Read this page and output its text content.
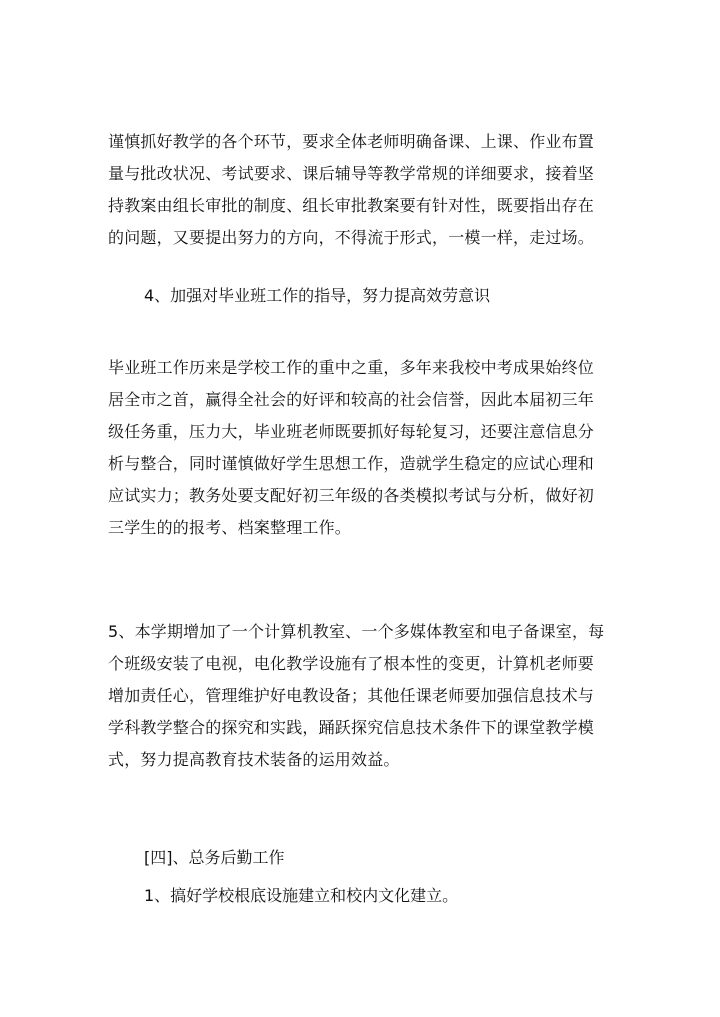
谨慎抓好教学的各个环节，要求全体老师明确备课、上课、作业布置
量与批改状况、考试要求、课后辅导等教学常规的详细要求，接着坚
持教案由组长审批的制度、组长审批教案要有针对性，既要指出存在
的问题，又要提出努力的方向，不得流于形式，一模一样，走过场。
4、加强对毕业班工作的指导，努力提高效劳意识
毕业班工作历来是学校工作的重中之重，多年来我校中考成果始终位
居全市之首，赢得全社会的好评和较高的社会信誉，因此本届初三年
级任务重，压力大，毕业班老师既要抓好每轮复习，还要注意信息分
析与整合，同时谨慎做好学生思想工作，造就学生稳定的应试心理和
应试实力；教务处要支配好初三年级的各类模拟考试与分析，做好初
三学生的的报考、档案整理工作。
5、本学期增加了一个计算机教室、一个多媒体教室和电子备课室，每
个班级安装了电视，电化教学设施有了根本性的变更，计算机老师要
增加责任心，管理维护好电教设备；其他任课老师要加强信息技术与
学科教学整合的探究和实践，踊跃探究信息技术条件下的课堂教学模
式，努力提高教育技术装备的运用效益。
[四]、总务后勤工作
1、搞好学校根底设施建立和校内文化建立。
